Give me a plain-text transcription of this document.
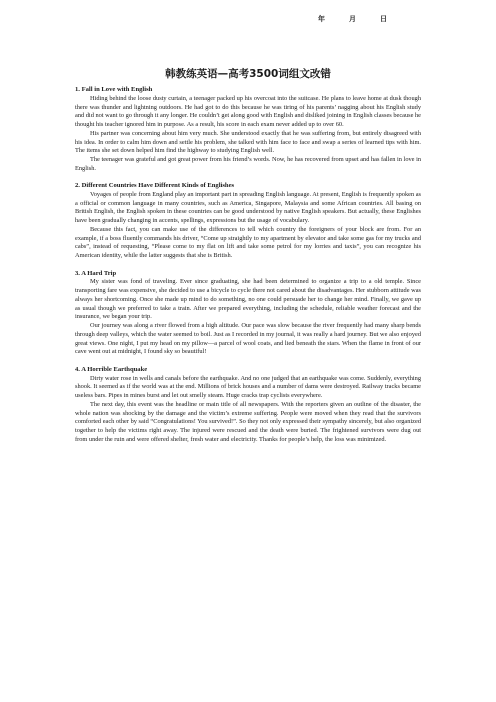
年	月	日
韩教练英语—高考3500词组文改错

1. Fall in Love with English

Hiding behind the loose dusty curtain, a teenager packed up his overcoat into the suitcase. He plans to leave home at dusk though there was thunder and lightning outdoors. He had got to do this because he was tiring of his parents’ nagging about his English study and did not want to go through it any longer. He couldn’t get along good with English and disliked joining in English classes because he thought his teacher ignored him in purpose. As a result, his score in each exam never added up to over 60.

His partner was concerning about him very much. She understood exactly that he was suffering from, but entirely disagreed with his idea. In order to calm him down and settle his problem, she talked with him face to face and swap a series of learned tips with him. The items she set down helped him find the highway to studying English well.

The teenager was grateful and got great power from his friend’s words. Now, he has recovered from upset and has fallen in love in English.

2. Different Countries Have Different Kinds of Englishes

Voyages of people from England play an important part in spreading English language. At present, English is frequently spoken as a official or common language in many countries, such as America, Singapore, Malaysia and some African countries. All basing on British English, the English spoken in these countries can be good understood by native English speakers. But actually, these Englishes have been gradually changing in accents, spellings, expressions but the usage of vocabulary.

Because this fact, you can make use of the differences to tell which country the foreigners of your block are from. For an example, if a boss fluently commands his driver, “Come up straightly to my apartment by elevator and take some gas for my trucks and cabs”, instead of requesting, “Please come to my flat on lift and take some petrol for my lorries and taxis”, you can recognize his American identity, while the latter suggests that she is British.

3. A Hard Trip

My sister was fond of traveling. Ever since graduating, she had been determined to organize a trip to a old temple. Since transporting fare was expensive, she decided to use a bicycle to cycle there not cared about the disadvantages. Her stubborn attitude was always her shortcoming. Once she made up mind to do something, no one could persuade her to change her mind. Finally, we gave up as usual though we preferred to take a train. After we prepared everything, including the schedule, reliable weather forecast and the insurance, we began your trip.

Our journey was along a river flowed from a high altitude. Our pace was slow because the river frequently had many sharp bends through deep valleys, which the water seemed to boil. Just as I recorded in my journal, it was really a hard journey. But we also enjoyed great views. One night, I put my head on my pillow—a parcel of wool coats, and lied beneath the stars. When the flame in front of our cave went out at midnight, I found sky so beautiful!

4. A Horrible Earthquake

Dirty water rose in wells and canals before the earthquake. And no one judged that an earthquake was come. Suddenly, everything shook. It seemed as if the world was at the end. Millions of brick houses and a number of dams were destroyed. Railway tracks became useless bars. Pipes in mines burst and let out smelly steam. Huge cracks trap cyclists everywhere.

The next day, this event was the headline or main title of all newspapers. With the reporters given an outline of the disaster, the whole nation was shocking by the damage and the victim’s extreme suffering. People were moved when they read that the survivors comforted each other by said “Congratulations! You survived!”. So they not only expressed their sympathy sincerely, but also organized together to help the victims right away. The injured were rescued and the death were buried. The frightened survivors were dug out from under the ruin and were offered shelter, fresh water and electricity. Thanks for people’s help, the loss was minimized.
